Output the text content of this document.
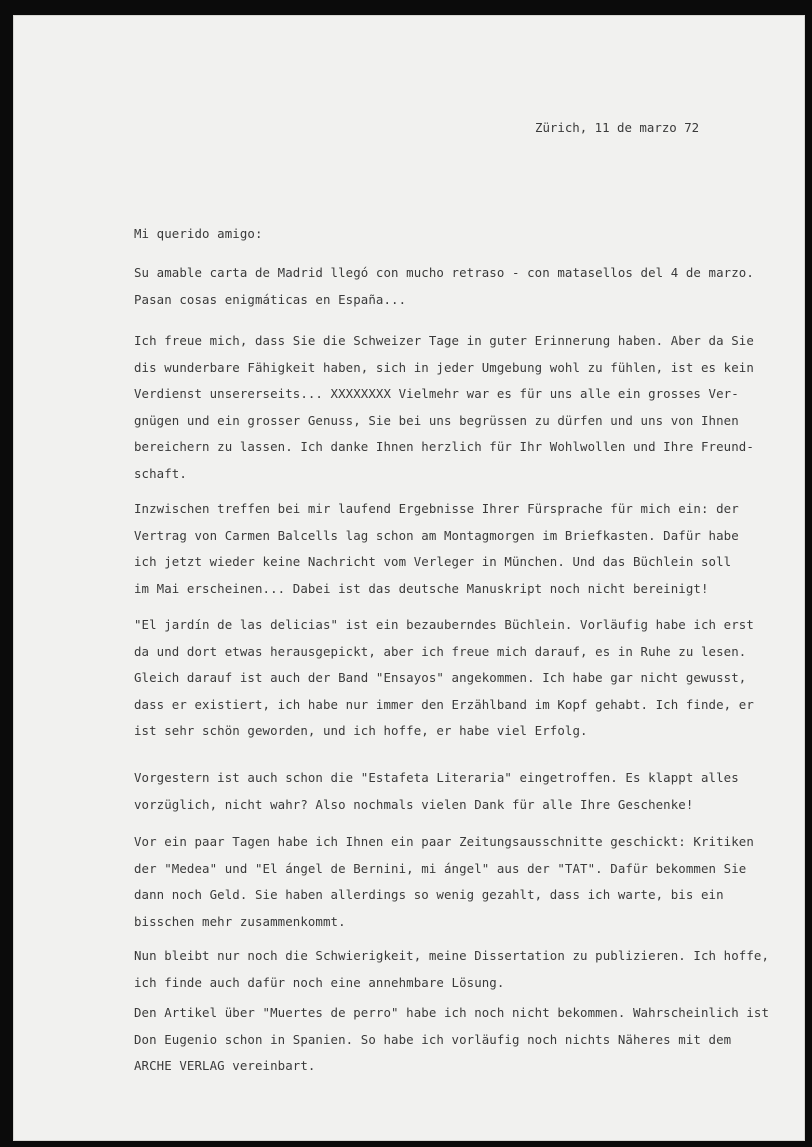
Zürich, 11 de marzo 72
Mi querido amigo:
Su amable carta de Madrid llegó con mucho retraso - con matasellos del 4 de marzo.
Pasan cosas enigmáticas en España...
Ich freue mich, dass Sie die Schweizer Tage in guter Erinnerung haben. Aber da Sie
dis wunderbare Fähigkeit haben, sich in jeder Umgebung wohl zu fühlen, ist es kein
Verdienst unsererseits... XXXXXXXX Vielmehr war es für uns alle ein grosses Ver-
gnügen und ein grosser Genuss, Sie bei uns begrüssen zu dürfen und uns von Ihnen
bereichern zu lassen. Ich danke Ihnen herzlich für Ihr Wohlwollen und Ihre Freund-
schaft.
Inzwischen treffen bei mir laufend Ergebnisse Ihrer Fürsprache für mich ein: der
Vertrag von Carmen Balcells lag schon am Montagmorgen im Briefkasten. Dafür habe
ich jetzt wieder keine Nachricht vom Verleger in München. Und das Büchlein soll
im Mai erscheinen... Dabei ist das deutsche Manuskript noch nicht bereinigt!
"El jardín de las delicias" ist ein bezauberndes Büchlein. Vorläufig habe ich erst
da und dort etwas herausgepickt, aber ich freue mich darauf, es in Ruhe zu lesen.
Gleich darauf ist auch der Band "Ensayos" angekommen. Ich habe gar nicht gewusst,
dass er existiert, ich habe nur immer den Erzählband im Kopf gehabt. Ich finde, er
ist sehr schön geworden, und ich hoffe, er habe viel Erfolg.
Vorgestern ist auch schon die "Estafeta Literaria" eingetroffen. Es klappt alles
vorzüglich, nicht wahr? Also nochmals vielen Dank für alle Ihre Geschenke!
Vor ein paar Tagen habe ich Ihnen ein paar Zeitungsausschnitte geschickt: Kritiken
der "Medea" und "El ángel de Bernini, mi ángel" aus der "TAT". Dafür bekommen Sie
dann noch Geld. Sie haben allerdings so wenig gezahlt, dass ich warte, bis ein
bisschen mehr zusammenkommt.
Nun bleibt nur noch die Schwierigkeit, meine Dissertation zu publizieren. Ich hoffe,
ich finde auch dafür noch eine annehmbare Lösung.
Den Artikel über "Muertes de perro" habe ich noch nicht bekommen. Wahrscheinlich ist
Don Eugenio schon in Spanien. So habe ich vorläufig noch nichts Näheres mit dem
ARCHE VERLAG vereinbart.
